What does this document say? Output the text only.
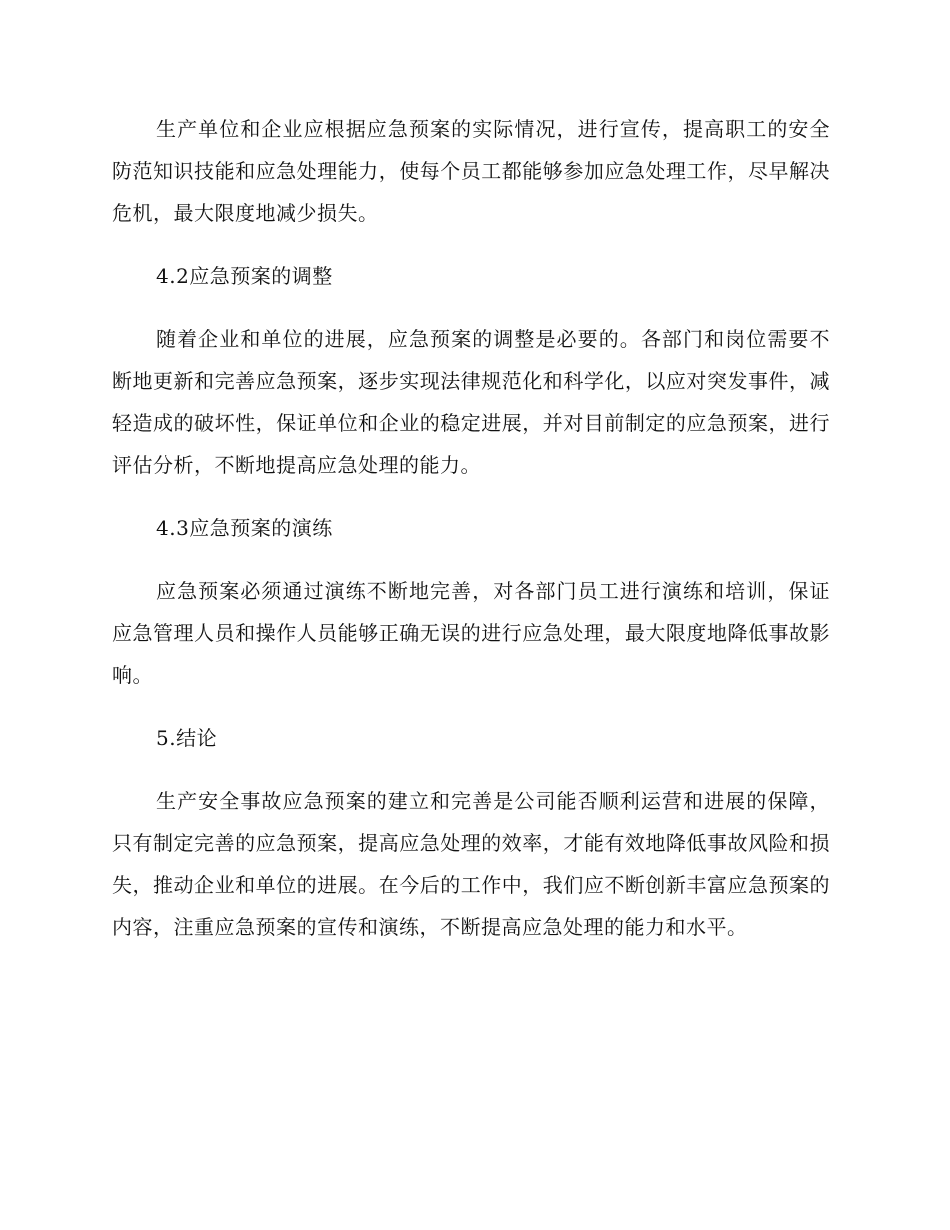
生产单位和企业应根据应急预案的实际情况，进行宣传，提高职工的安全防范知识技能和应急处理能力，使每个员工都能够参加应急处理工作，尽早解决危机，最大限度地减少损失。

4.2应急预案的调整

随着企业和单位的进展，应急预案的调整是必要的。各部门和岗位需要不断地更新和完善应急预案，逐步实现法律规范化和科学化，以应对突发事件，减轻造成的破坏性，保证单位和企业的稳定进展，并对目前制定的应急预案，进行评估分析，不断地提高应急处理的能力。

4.3应急预案的演练

应急预案必须通过演练不断地完善，对各部门员工进行演练和培训，保证应急管理人员和操作人员能够正确无误的进行应急处理，最大限度地降低事故影响。

5.结论

生产安全事故应急预案的建立和完善是公司能否顺利运营和进展的保障，只有制定完善的应急预案，提高应急处理的效率，才能有效地降低事故风险和损失，推动企业和单位的进展。在今后的工作中，我们应不断创新丰富应急预案的内容，注重应急预案的宣传和演练，不断提高应急处理的能力和水平。
